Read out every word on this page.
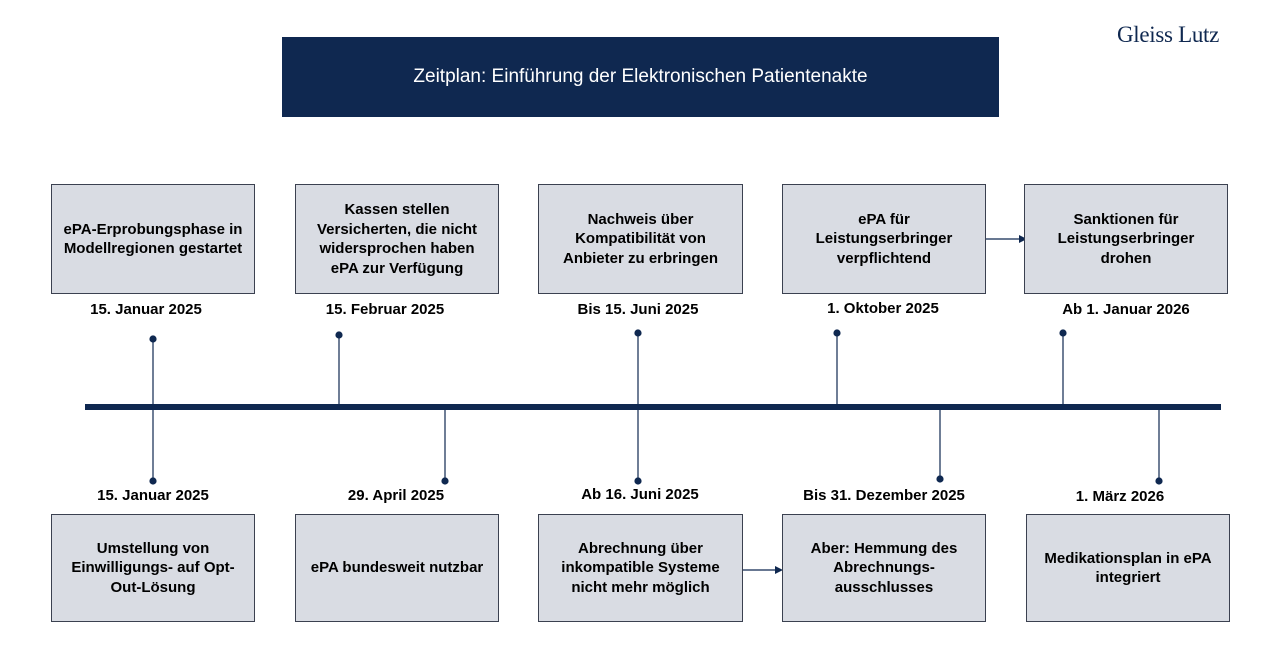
Gleiss Lutz
Zeitplan: Einführung der Elektronischen Patientenakte
ePA-Erprobungsphase in Modellregionen gestartet
Kassen stellen Versicherten, die nicht widersprochen haben ePA zur Verfügung
Nachweis über Kompatibilität von Anbieter zu erbringen
ePA für Leistungserbringer verpflichtend
Sanktionen für Leistungserbringer drohen
15. Januar 2025	15. Februar 2025	Bis 15. Juni 2025	1. Oktober 2025	Ab 1. Januar 2026
15. Januar 2025	29. April 2025	Ab 16. Juni 2025	Bis 31. Dezember 2025	1. März 2026
Umstellung von Einwilligungs- auf Opt-Out-Lösung
ePA bundesweit nutzbar
Abrechnung über inkompatible Systeme nicht mehr möglich
Aber: Hemmung des Abrechnungs-ausschlusses
Medikationsplan in ePA integriert
